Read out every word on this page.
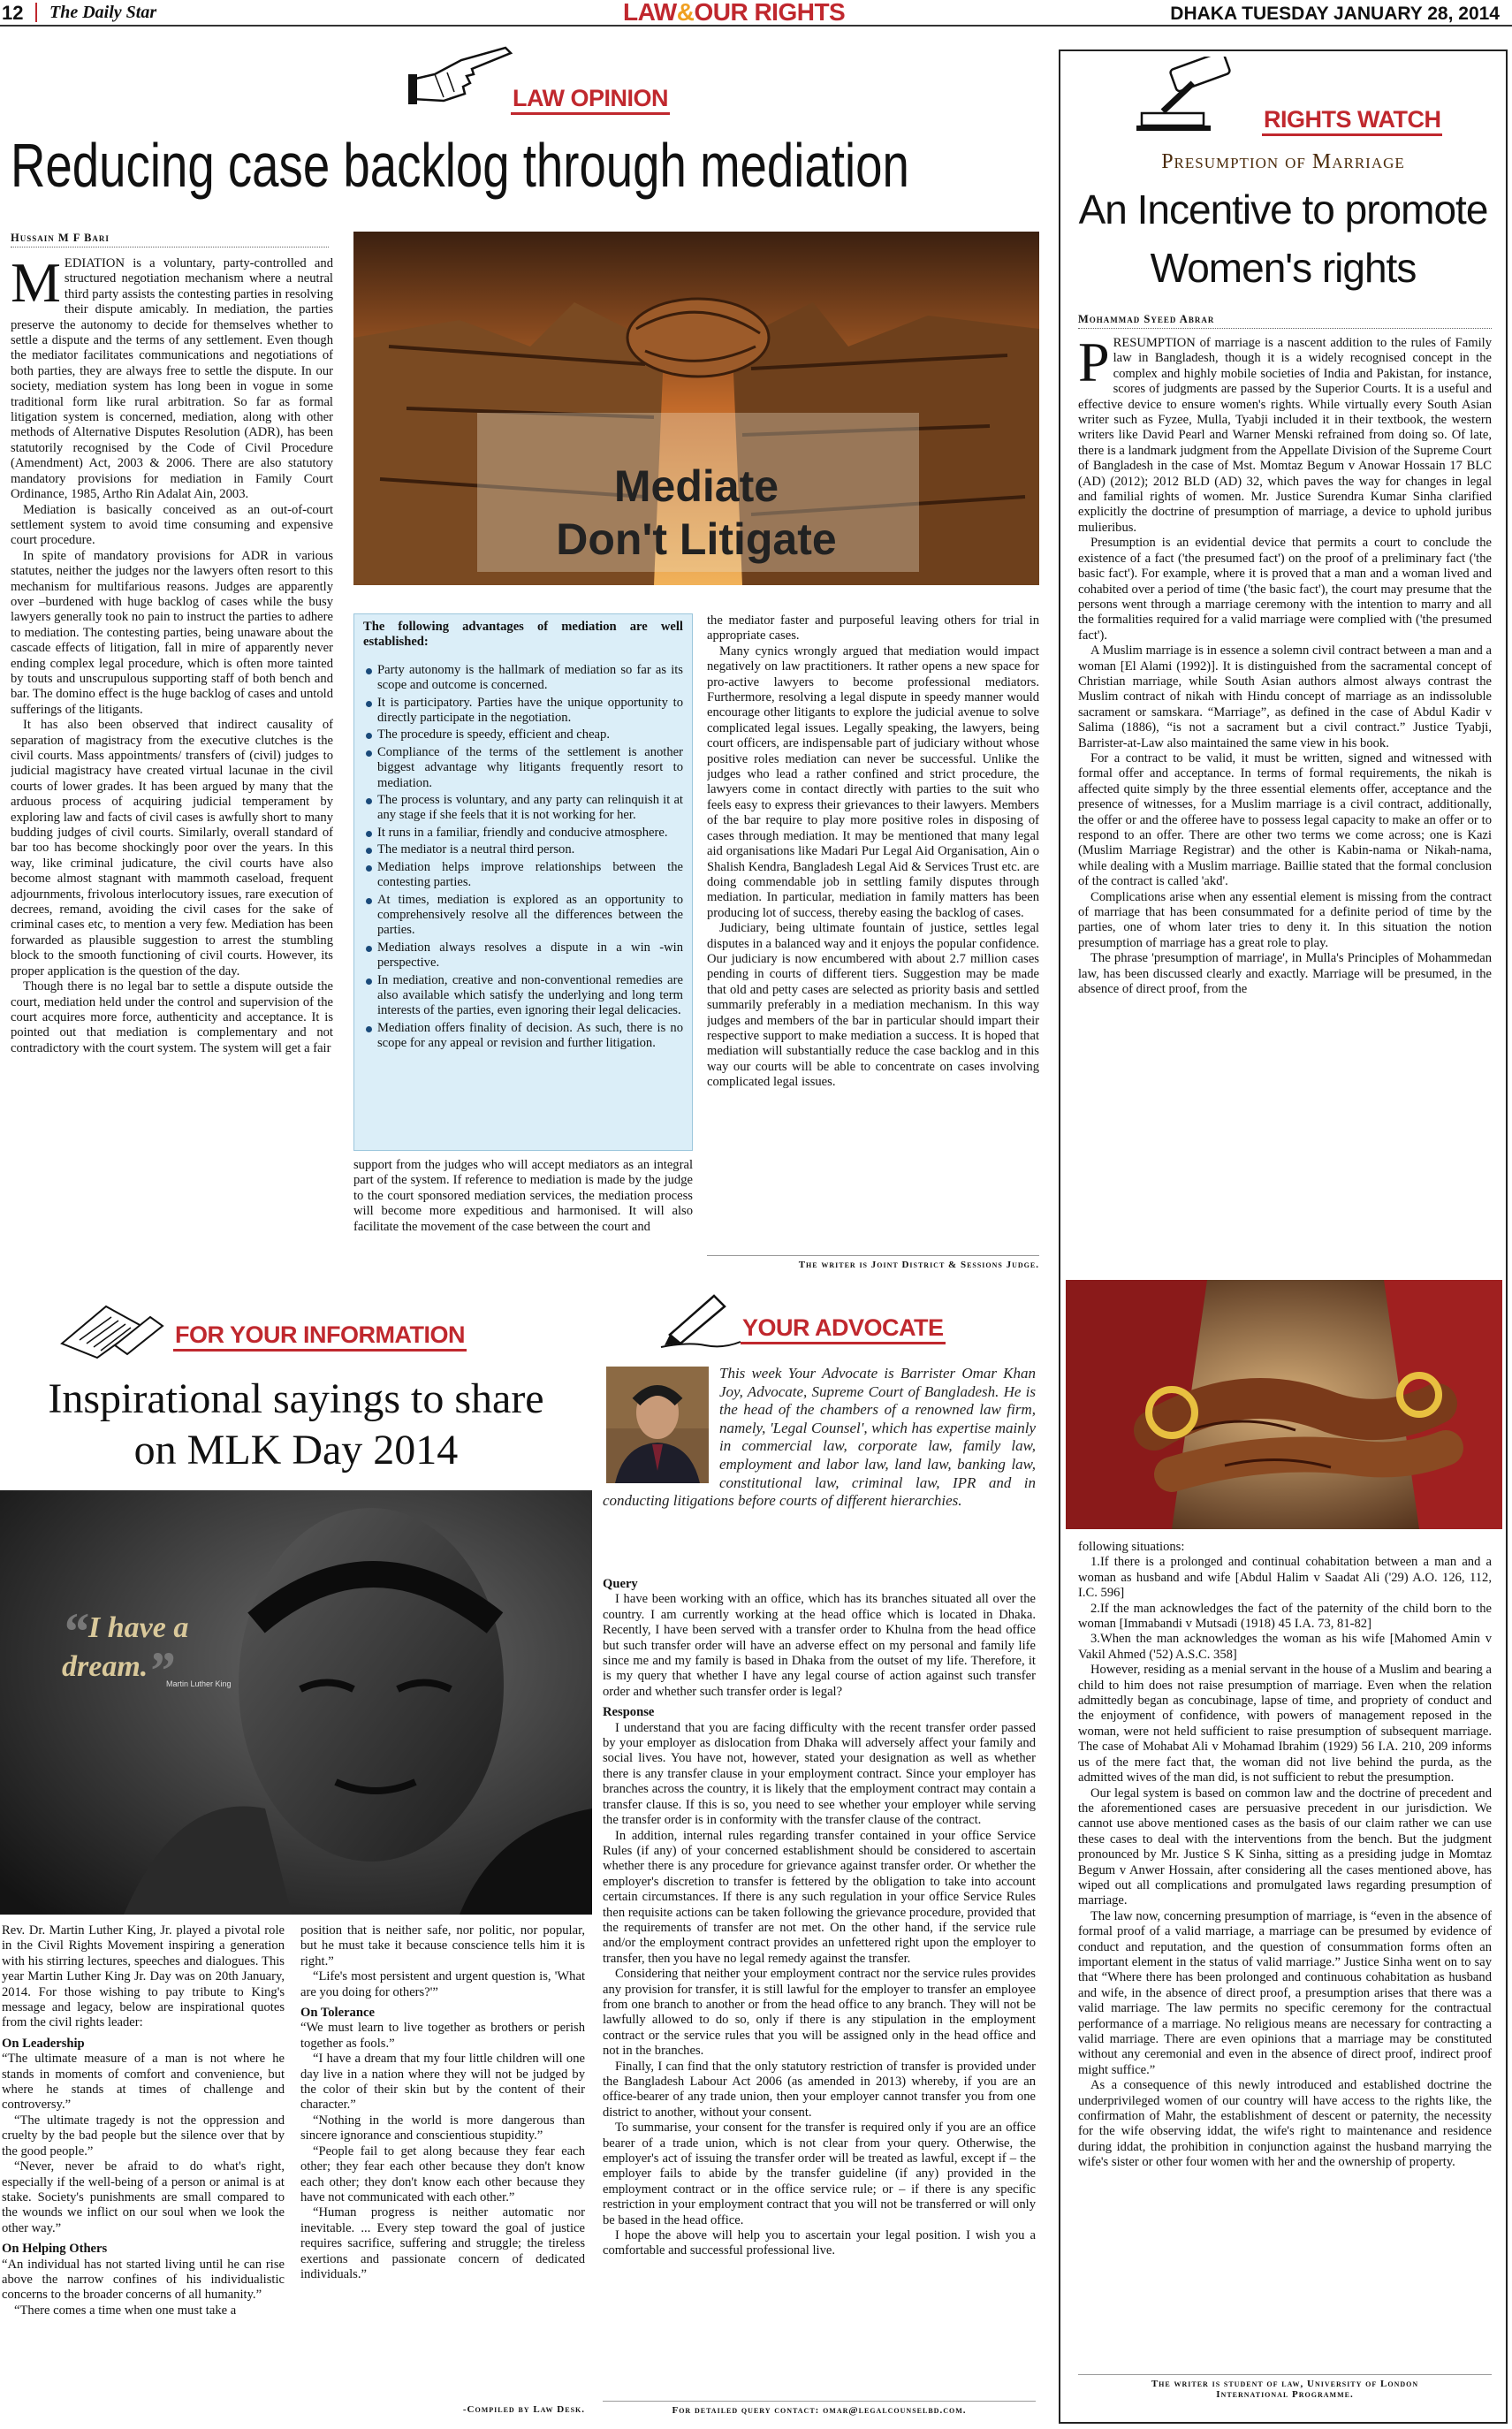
12 The Daily Star	LAW&OUR RIGHTS	DHAKA TUESDAY JANUARY 28, 2014
LAW OPINION
Reducing case backlog through mediation
Hussain M F Bari

MEDIATION is a voluntary, party-controlled and structured negotiation mechanism where a neutral third party assists the contesting parties in resolving their dispute amicably. In mediation, the parties preserve the autonomy to decide for themselves whether to settle a dispute and the terms of any settlement. Even though the mediator facilitates communications and negotiations of both parties, they are always free to settle the dispute. In our society, mediation system has long been in vogue in some traditional form like rural arbitration. So far as formal litigation system is concerned, mediation, along with other methods of Alternative Disputes Resolution (ADR), has been statutorily recognised by the Code of Civil Procedure (Amendment) Act, 2003 & 2006. There are also statutory mandatory provisions for mediation in Family Court Ordinance, 1985, Artho Rin Adalat Ain, 2003.

Mediation is basically conceived as an out-of-court settlement system to avoid time consuming and expensive court procedure.

In spite of mandatory provisions for ADR in various statutes, neither the judges nor the lawyers often resort to this mechanism for multifarious reasons. Judges are apparently over –burdened with huge backlog of cases while the busy lawyers generally took no pain to instruct the parties to adhere to mediation. The contesting parties, being unaware about the cascade effects of litigation, fall in mire of apparently never ending complex legal procedure, which is often more tainted by touts and unscrupulous supporting staff of both bench and bar. The domino effect is the huge backlog of cases and untold sufferings of the litigants.

It has also been observed that indirect causality of separation of magistracy from the executive clutches is the civil courts. Mass appointments/ transfers of (civil) judges to judicial magistracy have created virtual lacunae in the civil courts of lower grades. It has been argued by many that the arduous process of acquiring judicial temperament by exploring law and facts of civil cases is awfully short to many budding judges of civil courts. Similarly, overall standard of bar too has become shockingly poor over the years. In this way, like criminal judicature, the civil courts have also become almost stagnant with mammoth caseload, frequent adjournments, frivolous interlocutory issues, rare execution of decrees, remand, avoiding the civil cases for the sake of criminal cases etc, to mention a very few. Mediation has been forwarded as plausible suggestion to arrest the stumbling block to the smooth functioning of civil courts. However, its proper application is the question of the day.

Though there is no legal bar to settle a dispute outside the court, mediation held under the control and supervision of the court acquires more force, authenticity and acceptance. It is pointed out that mediation is complementary and not contradictory with the court system. The system will get a fair

Mediate
Don't Litigate
The following advantages of mediation are well established:
Party autonomy is the hallmark of mediation so far as its scope and outcome is concerned.
It is participatory. Parties have the unique opportunity to directly participate in the negotiation.
The procedure is speedy, efficient and cheap.
Compliance of the terms of the settlement is another biggest advantage why litigants frequently resort to mediation.
The process is voluntary, and any party can relinquish it at any stage if she feels that it is not working for her.
It runs in a familiar, friendly and conducive atmosphere.
The mediator is a neutral third person.
Mediation helps improve relationships between the contesting parties.
At times, mediation is explored as an opportunity to comprehensively resolve all the differences between the parties.
Mediation always resolves a dispute in a win -win perspective.
In mediation, creative and non-conventional remedies are also available which satisfy the underlying and long term interests of the parties, even ignoring their legal delicacies.
Mediation offers finality of decision. As such, there is no scope for any appeal or revision and further litigation.

support from the judges who will accept mediators as an integral part of the system. If reference to mediation is made by the judge to the court sponsored mediation services, the mediation process will become more expeditious and harmonised. It will also facilitate the movement of the case between the court and

the mediator faster and purposeful leaving others for trial in appropriate cases.

Many cynics wrongly argued that mediation would impact negatively on law practitioners. It rather opens a new space for pro-active lawyers to become professional mediators. Furthermore, resolving a legal dispute in speedy manner would encourage other litigants to explore the judicial avenue to solve complicated legal issues. Legally speaking, the lawyers, being court officers, are indispensable part of judiciary without whose positive roles mediation can never be successful. Unlike the judges who lead a rather confined and strict procedure, the lawyers come in contact directly with parties to the suit who feels easy to express their grievances to their lawyers. Members of the bar require to play more positive roles in disposing of cases through mediation. It may be mentioned that many legal aid organisations like Madari Pur Legal Aid Organisation, Ain o Shalish Kendra, Bangladesh Legal Aid & Services Trust etc. are doing commendable job in settling family disputes through mediation. In particular, mediation in family matters has been producing lot of success, thereby easing the backlog of cases.

Judiciary, being ultimate fountain of justice, settles legal disputes in a balanced way and it enjoys the popular confidence. Our judiciary is now encumbered with about 2.7 million cases pending in courts of different tiers. Suggestion may be made that old and petty cases are selected as priority basis and settled summarily preferably in a mediation mechanism. In this way judges and members of the bar in particular should impart their respective support to make mediation a success. It is hoped that mediation will substantially reduce the case backlog and in this way our courts will be able to concentrate on cases involving complicated legal issues.

The writer is Joint District & Sessions Judge.
FOR YOUR INFORMATION
Inspirational sayings to share
on MLK Day 2014
“I have a dream.”
Martin Luther King

Rev. Dr. Martin Luther King, Jr. played a pivotal role in the Civil Rights Movement inspiring a generation with his stirring lectures, speeches and dialogues. This year Martin Luther King Jr. Day was on 20th January, 2014. For those wishing to pay tribute to King's message and legacy, below are inspirational quotes from the civil rights leader:

On Leadership

“The ultimate measure of a man is not where he stands in moments of comfort and convenience, but where he stands at times of challenge and controversy.”

“The ultimate tragedy is not the oppression and cruelty by the bad people but the silence over that by the good people.”

“Never, never be afraid to do what's right, especially if the well-being of a person or animal is at stake. Society's punishments are small compared to the wounds we inflict on our soul when we look the other way.”

On Helping Others

“An individual has not started living until he can rise above the narrow confines of his individualistic concerns to the broader concerns of all humanity.”

“There comes a time when one must take a

position that is neither safe, nor politic, nor popular, but he must take it because conscience tells him it is right.”

“Life's most persistent and urgent question is, 'What are you doing for others?'”

On Tolerance

“We must learn to live together as brothers or perish together as fools.”

“I have a dream that my four little children will one day live in a nation where they will not be judged by the color of their skin but by the content of their character.”

“Nothing in the world is more dangerous than sincere ignorance and conscientious stupidity.”

“People fail to get along because they fear each other; they fear each other because they don't know each other; they don't know each other because they have not communicated with each other.”

“Human progress is neither automatic nor inevitable. ... Every step toward the goal of justice requires sacrifice, suffering and struggle; the tireless exertions and passionate concern of dedicated individuals.”

-Compiled by Law Desk.
YOUR ADVOCATE
This week Your Advocate is Barrister Omar Khan Joy, Advocate, Supreme Court of Bangladesh. He is the head of the chambers of a renowned law firm, namely, 'Legal Counsel', which has expertise mainly in commercial law, corporate law, family law, employment and labor law, land law, banking law, constitutional law, criminal law, IPR and in conducting litigations before courts of different hierarchies.
Query

I have been working with an office, which has its branches situated all over the country. I am currently working at the head office which is located in Dhaka. Recently, I have been served with a transfer order to Khulna from the head office but such transfer order will have an adverse effect on my personal and family life since me and my family is based in Dhaka from the outset of my life. Therefore, it is my query that whether I have any legal course of action against such transfer order and whether such transfer order is legal?

Response

I understand that you are facing difficulty with the recent transfer order passed by your employer as dislocation from Dhaka will adversely affect your family and social lives. You have not, however, stated your designation as well as whether there is any transfer clause in your employment contract. Since your employer has branches across the country, it is likely that the employment contract may contain a transfer clause. If this is so, you need to see whether your employer while serving the transfer order is in conformity with the transfer clause of the contract.

In addition, internal rules regarding transfer contained in your office Service Rules (if any) of your concerned establishment should be considered to ascertain whether there is any procedure for grievance against transfer order. Or whether the employer's discretion to transfer is fettered by the obligation to take into account certain circumstances. If there is any such regulation in your office Service Rules then requisite actions can be taken following the grievance procedure, provided that the requirements of transfer are not met. On the other hand, if the service rule and/or the employment contract provides an unfettered right upon the employer to transfer, then you have no legal remedy against the transfer.

Considering that neither your employment contract nor the service rules provides any provision for transfer, it is still lawful for the employer to transfer an employee from one branch to another or from the head office to any branch. They will not be lawfully allowed to do so, only if there is any stipulation in the employment contract or the service rules that you will be assigned only in the head office and not in the branches.

Finally, I can find that the only statutory restriction of transfer is provided under the Bangladesh Labour Act 2006 (as amended in 2013) whereby, if you are an office-bearer of any trade union, then your employer cannot transfer you from one district to another, without your consent.

To summarise, your consent for the transfer is required only if you are an office bearer of a trade union, which is not clear from your query. Otherwise, the employer's act of issuing the transfer order will be treated as lawful, except if – the employer fails to abide by the transfer guideline (if any) provided in the employment contract or in the office service rule; or – if there is any specific restriction in your employment contract that you will not be transferred or will only be based in the head office.

I hope the above will help you to ascertain your legal position. I wish you a comfortable and successful professional live.

For detailed query contact: omar@legalcounselbd.com.
RIGHTS WATCH
Presumption of Marriage
An Incentive to promote
Women's rights
Mohammad Syeed Abrar

PRESUMPTION of marriage is a nascent addition to the rules of Family law in Bangladesh, though it is a widely recognised concept in the complex and highly mobile societies of India and Pakistan, for instance, scores of judgments are passed by the Superior Courts. It is a useful and effective device to ensure women's rights. While virtually every South Asian writer such as Fyzee, Mulla, Tyabji included it in their textbook, the western writers like David Pearl and Warner Menski refrained from doing so. Of late, there is a landmark judgment from the Appellate Division of the Supreme Court of Bangladesh in the case of Mst. Momtaz Begum v Anowar Hossain 17 BLC (AD) (2012); 2012 BLD (AD) 32, which paves the way for changes in legal and familial rights of women. Mr. Justice Surendra Kumar Sinha clarified explicitly the doctrine of presumption of marriage, a device to uphold juribus mulieribus.

Presumption is an evidential device that permits a court to conclude the existence of a fact ('the presumed fact') on the proof of a preliminary fact ('the basic fact'). For example, where it is proved that a man and a woman lived and cohabited over a period of time ('the basic fact'), the court may presume that the persons went through a marriage ceremony with the intention to marry and all the formalities required for a valid marriage were complied with ('the presumed fact').

A Muslim marriage is in essence a solemn civil contract between a man and a woman [El Alami (1992)]. It is distinguished from the sacramental concept of Christian marriage, while South Asian authors almost always contrast the Muslim contract of nikah with Hindu concept of marriage as an indissoluble sacrament or samskara. “Marriage”, as defined in the case of Abdul Kadir v Salima (1886), “is not a sacrament but a civil contract.” Justice Tyabji, Barrister-at-Law also maintained the same view in his book.

For a contract to be valid, it must be written, signed and witnessed with formal offer and acceptance. In terms of formal requirements, the nikah is affected quite simply by the three essential elements offer, acceptance and the presence of witnesses, for a Muslim marriage is a civil contract, additionally, the offer or and the offeree have to possess legal capacity to make an offer or to respond to an offer. There are other two terms we come across; one is Kazi (Muslim Marriage Registrar) and the other is Kabin-nama or Nikah-nama, while dealing with a Muslim marriage. Baillie stated that the formal conclusion of the contract is called 'akd'.

Complications arise when any essential element is missing from the contract of marriage that has been consummated for a definite period of time by the parties, one of whom later tries to deny it. In this situation the notion presumption of marriage has a great role to play.

The phrase 'presumption of marriage', in Mulla's Principles of Mohammedan law, has been discussed clearly and exactly. Marriage will be presumed, in the absence of direct proof, from the

following situations:

1.If there is a prolonged and continual cohabitation between a man and a woman as husband and wife [Abdul Halim v Saadat Ali ('29) A.O. 126, 112, I.C. 596]

2.If the man acknowledges the fact of the paternity of the child born to the woman [Immabandi v Mutsadi (1918) 45 I.A. 73, 81-82]

3.When the man acknowledges the woman as his wife [Mahomed Amin v Vakil Ahmed ('52) A.S.C. 358]

However, residing as a menial servant in the house of a Muslim and bearing a child to him does not raise presumption of marriage. Even when the relation admittedly began as concubinage, lapse of time, and propriety of conduct and the enjoyment of confidence, with powers of management reposed in the woman, were not held sufficient to raise presumption of subsequent marriage. The case of Mohabat Ali v Mohamad Ibrahim (1929) 56 I.A. 210, 209 informs us of the mere fact that, the woman did not live behind the purda, as the admitted wives of the man did, is not sufficient to rebut the presumption.

Our legal system is based on common law and the doctrine of precedent and the aforementioned cases are persuasive precedent in our jurisdiction. We cannot use above mentioned cases as the basis of our claim rather we can use these cases to deal with the interventions from the bench. But the judgment pronounced by Mr. Justice S K Sinha, sitting as a presiding judge in Momtaz Begum v Anwer Hossain, after considering all the cases mentioned above, has wiped out all complications and promulgated laws regarding presumption of marriage.

The law now, concerning presumption of marriage, is “even in the absence of formal proof of a valid marriage, a marriage can be presumed by evidence of conduct and reputation, and the question of consummation forms often an important element in the status of valid marriage.” Justice Sinha went on to say that “Where there has been prolonged and continuous cohabitation as husband and wife, in the absence of direct proof, a presumption arises that there was a valid marriage. The law permits no specific ceremony for the contractual performance of a marriage. No religious means are necessary for contracting a valid marriage. There are even opinions that a marriage may be constituted without any ceremonial and even in the absence of direct proof, indirect proof might suffice.”

As a consequence of this newly introduced and established doctrine the underprivileged women of our country will have access to the rights like, the confirmation of Mahr, the establishment of descent or paternity, the necessity for the wife observing iddat, the wife's right to maintenance and residence during iddat, the prohibition in conjunction against the husband marrying the wife's sister or other four women with her and the ownership of property.

The writer is student of law, University of London
International Programme.
